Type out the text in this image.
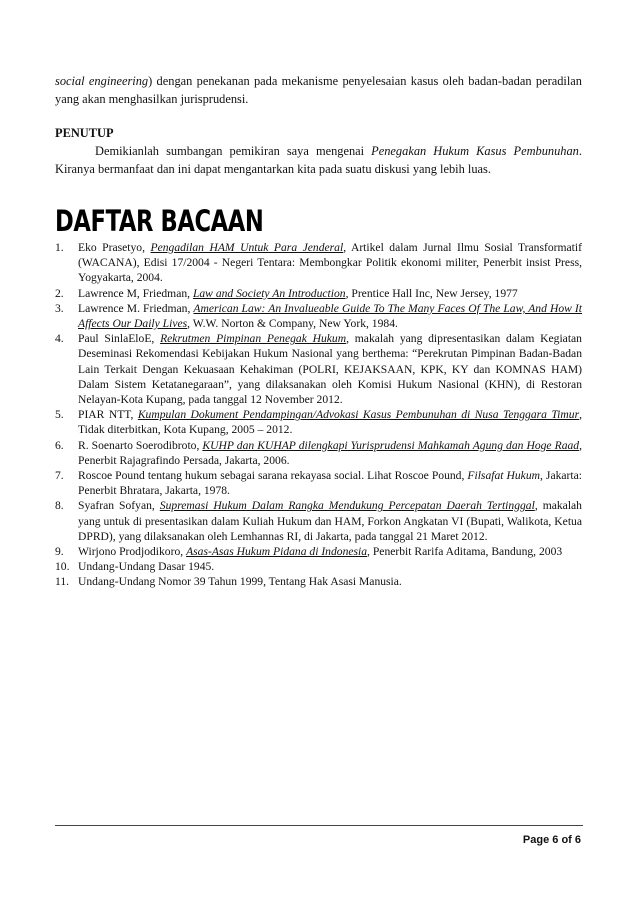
social engineering) dengan penekanan pada mekanisme penyelesaian kasus oleh badan-badan peradilan yang akan menghasilkan jurisprudensi.

PENUTUP

Demikianlah sumbangan pemikiran saya mengenai Penegakan Hukum Kasus Pembunuhan. Kiranya bermanfaat dan ini dapat mengantarkan kita pada suatu diskusi yang lebih luas.

DAFTAR BACAAN
1. Eko Prasetyo, Pengadilan HAM Untuk Para Jenderal, Artikel dalam Jurnal Ilmu Sosial Transformatif (WACANA), Edisi 17/2004 - Negeri Tentara: Membongkar Politik ekonomi militer, Penerbit insist Press, Yogyakarta, 2004.
2. Lawrence M, Friedman, Law and Society An Introduction, Prentice Hall Inc, New Jersey, 1977
3. Lawrence M. Friedman, American Law: An Invalueable Guide To The Many Faces Of The Law, And How It Affects Our Daily Lives, W.W. Norton & Company, New York, 1984.
4. Paul SinlaEloE, Rekrutmen Pimpinan Penegak Hukum, makalah yang dipresentasikan dalam Kegiatan Deseminasi Rekomendasi Kebijakan Hukum Nasional yang berthema: “Perekrutan Pimpinan Badan-Badan Lain Terkait Dengan Kekuasaan Kehakiman (POLRI, KEJAKSAAN, KPK, KY dan KOMNAS HAM) Dalam Sistem Ketatanegaraan”, yang dilaksanakan oleh Komisi Hukum Nasional (KHN), di Restoran Nelayan-Kota Kupang, pada tanggal 12 November 2012.
5. PIAR NTT, Kumpulan Dokument Pendampingan/Advokasi Kasus Pembunuhan di Nusa Tenggara Timur, Tidak diterbitkan, Kota Kupang, 2005 – 2012.
6. R. Soenarto Soerodibroto, KUHP dan KUHAP dilengkapi Yurisprudensi Mahkamah Agung dan Hoge Raad, Penerbit Rajagrafindo Persada, Jakarta, 2006.
7. Roscoe Pound tentang hukum sebagai sarana rekayasa social. Lihat Roscoe Pound, Filsafat Hukum, Jakarta: Penerbit Bhratara, Jakarta, 1978.
8. Syafran Sofyan, Supremasi Hukum Dalam Rangka Mendukung Percepatan Daerah Tertinggal, makalah yang untuk di presentasikan dalam Kuliah Hukum dan HAM, Forkon Angkatan VI (Bupati, Walikota, Ketua DPRD), yang dilaksanakan oleh Lemhannas RI, di Jakarta, pada tanggal 21 Maret 2012.
9. Wirjono Prodjodikoro, Asas-Asas Hukum Pidana di Indonesia, Penerbit Rarifa Aditama, Bandung, 2003
10. Undang-Undang Dasar 1945.
11. Undang-Undang Nomor 39 Tahun 1999, Tentang Hak Asasi Manusia.
Page 6 of 6
